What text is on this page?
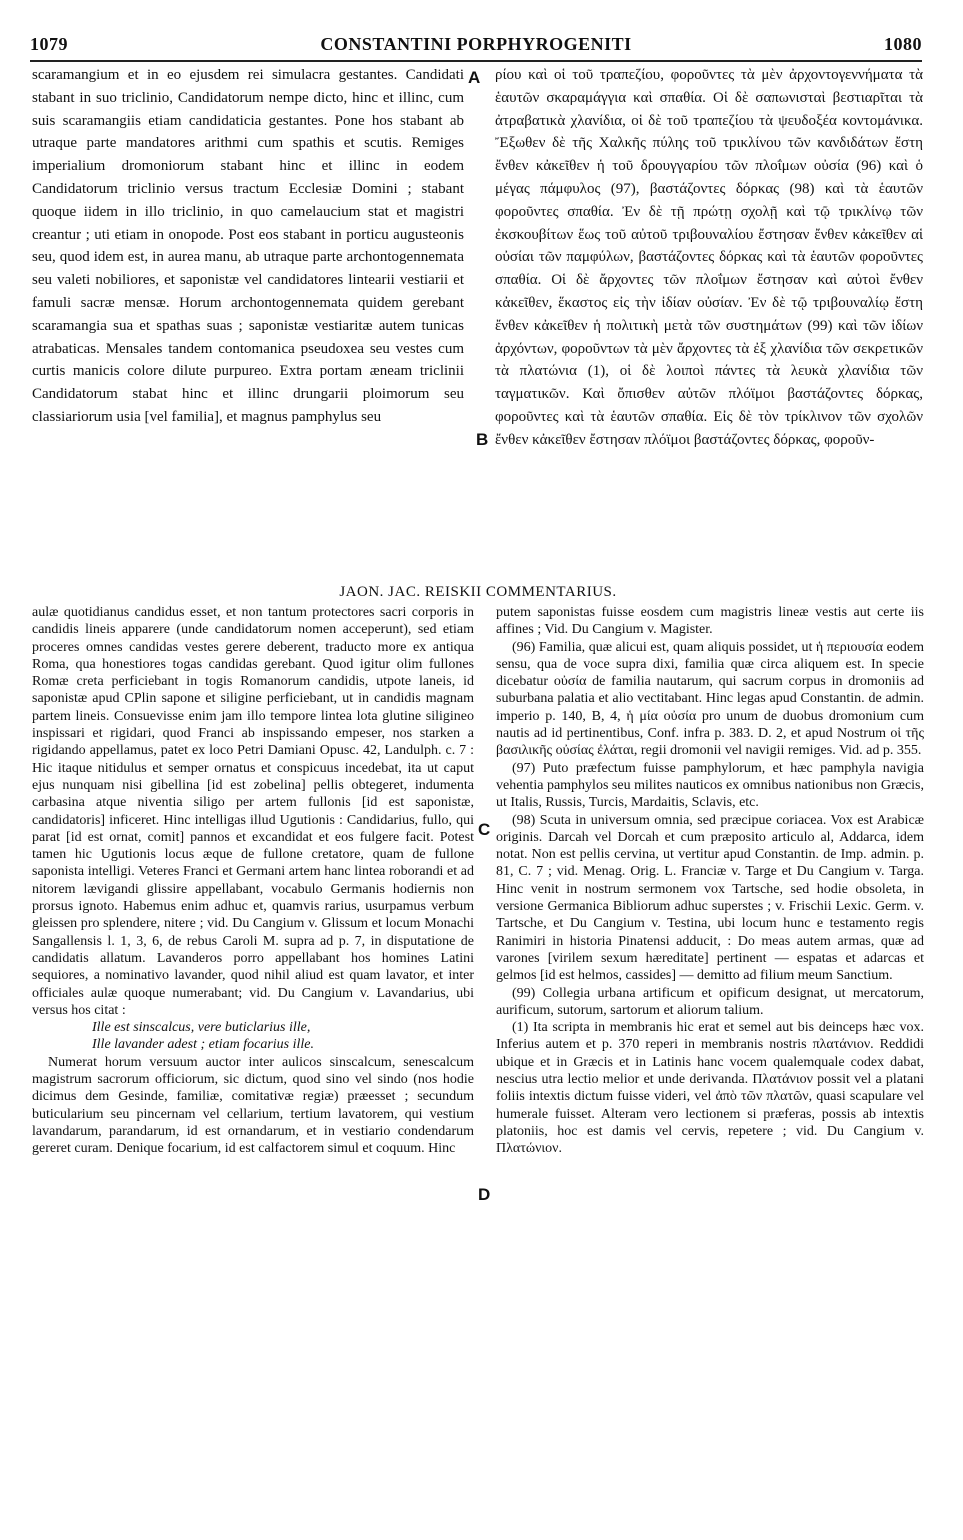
1079	CONSTANTINI PORPHYROGENITI	1080

scaramangium et in eo ejusdem rei simulacra gestantes. Candidati stabant in suo triclinio, Candidatorum nempe dicto, hinc et illinc, cum suis scaramangiis etiam candidaticia gestantes. Pone hos stabant ab utraque parte mandatores arithmi cum spathis et scutis. Remiges imperialium dromoniorum stabant hinc et illinc in eodem Candidatorum triclinio versus tractum Ecclesiæ Domini ; stabant quoque iidem in illo triclinio, in quo camelaucium stat et magistri creantur ; uti etiam in onopode. Post eos stabant in porticu augusteonis seu, quod idem est, in aurea manu, ab utraque parte archontogennemata seu valeti nobiliores, et saponistæ vel candidatores lintearii vestiarii et famuli sacræ mensæ. Horum archontogennemata quidem gerebant scaramangia sua et spathas suas ; saponistæ vestiaritæ autem tunicas atrabaticas. Mensales tandem contomanica pseudoxea seu vestes cum curtis manicis colore dilute purpureo. Extra portam æneam triclinii Candidatorum stabat hinc et illinc drungarii ploimorum seu classiariorum usia [vel familia], et magnus pamphylus seu

ρίου καὶ οἱ τοῦ τραπεζίου, φοροῦντες τὰ μὲν ἀρχοντογεννήματα τὰ ἑαυτῶν σκαραμάγγια καὶ σπαθία. Οἱ δὲ σαπωνισταὶ βεστιαρῖται τὰ ἀτραβατικὰ χλανίδια, οἱ δὲ τοῦ τραπεζίου τὰ ψευδοξέα κοντομάνικα. Ἔξωθεν δὲ τῆς Χαλκῆς πύλης τοῦ τρικλίνου τῶν κανδιδάτων ἔστη ἔνθεν κἀκεῖθεν ἡ τοῦ δρουγγαρίου τῶν πλοΐμων οὐσία (96) καὶ ὁ μέγας πάμφυλος (97), βαστάζοντες δόρκας (98) καὶ τὰ ἑαυτῶν φοροῦντες σπαθία. Ἐν δὲ τῇ πρώτῃ σχολῇ καὶ τῷ τρικλίνῳ τῶν ἐκσκουβίτων ἕως τοῦ αὐτοῦ τριβουναλίου ἔστησαν ἔνθεν κἀκεῖθεν αἱ οὐσίαι τῶν παμφύλων, βαστάζοντες δόρκας καὶ τὰ ἑαυτῶν φοροῦντες σπαθία. Οἱ δὲ ἄρχοντες τῶν πλοΐμων ἔστησαν καὶ αὐτοὶ ἔνθεν κἀκεῖθεν, ἕκαστος εἰς τὴν ἰδίαν οὐσίαν. Ἐν δὲ τῷ τριβουναλίῳ ἔστη ἔνθεν κἀκεῖθεν ἡ πολιτικὴ μετὰ τῶν συστημάτων (99) καὶ τῶν ἰδίων ἀρχόντων, φοροῦντων τὰ μὲν ἄρχοντες τὰ ἐξ χλανίδια τῶν σεκρετικῶν τὰ πλατώνια (1), οἱ δὲ λοιποὶ πάντες τὰ λευκὰ χλανίδια τῶν ταγματικῶν. Καὶ ὄπισθεν αὐτῶν πλόϊμοι βαστάζοντες δόρκας, φοροῦντες καὶ τὰ ἑαυτῶν σπαθία. Εἰς δὲ τὸν τρίκλινον τῶν σχολῶν ἔνθεν κἀκεῖθεν ἔστησαν πλόϊμοι βαστάζοντες δόρκας, φοροῦν-

JAON. JAC. REISKII COMMENTARIUS.
A
B
C
D

aulæ quotidianus candidus esset, et non tantum protectores sacri corporis in candidis lineis apparere (unde candidatorum nomen acceperunt), sed etiam proceres omnes candidas vestes gerere deberent, traducto more ex antiqua Roma, qua honestiores togas candidas gerebant. Quod igitur olim fullones Romæ creta perficiebant in togis Romanorum candidis, utpote laneis, id saponistæ apud CPlin sapone et siligine perficiebant, ut in candidis magnam partem lineis. Consuevisse enim jam illo tempore lintea lota glutine siligineo inspissari et rigidari, quod Franci ab inspissando empeser, nos starken a rigidando appellamus, patet ex loco Petri Damiani Opusc. 42, Landulph. c. 7 : Hic itaque nitidulus et semper ornatus et conspicuus incedebat, ita ut caput ejus nunquam nisi gibellina [id est zobelina] pellis obtegeret, indumenta carbasina atque niventia siligo per artem fullonis [id est saponistæ, candidatoris] inficeret. Hinc intelligas illud Ugutionis : Candidarius, fullo, qui parat [id est ornat, comit] pannos et excandidat et eos fulgere facit. Potest tamen hic Ugutionis locus æque de fullone cretatore, quam de fullone saponista intelligi. Veteres Franci et Germani artem hanc lintea roborandi et ad nitorem lævigandi glissire appellabant, vocabulo Germanis hodiernis non prorsus ignoto. Habemus enim adhuc et, quamvis rarius, usurpamus verbum gleissen pro splendere, nitere ; vid. Du Cangium v. Glissum et locum Monachi Sangallensis l. 1, 3, 6, de rebus Caroli M. supra ad p. 7, in disputatione de candidatis allatum. Lavanderos porro appellabant hos homines Latini sequiores, a nominativo lavander, quod nihil aliud est quam lavator, et inter officiales aulæ quoque numerabant; vid. Du Cangium v. Lavandarius, ubi versus hos citat :

Ille est sinscalcus, vere buticlarius ille,

Ille lavander adest ; etiam focarius ille.

Numerat horum versuum auctor inter aulicos sinscalcum, senescalcum magistrum sacrorum officiorum, sic dictum, quod sino vel sindo (nos hodie dicimus dem Gesinde, familiæ, comitativæ regiæ) præesset ; secundum buticularium seu pincernam vel cellarium, tertium lavatorem, qui vestium lavandarum, parandarum, id est ornandarum, et in vestiario condendarum gereret curam. Denique focarium, id est calfactorem simul et coquum. Hinc

putem saponistas fuisse eosdem cum magistris lineæ vestis aut certe iis affines ; Vid. Du Cangium v. Magister.

(96) Familia, quæ alicui est, quam aliquis possidet, ut ἡ περιουσία eodem sensu, qua de voce supra dixi, familia quæ circa aliquem est. In specie dicebatur οὐσία de familia nautarum, qui sacrum corpus in dromoniis ad suburbana palatia et alio vectitabant. Hinc legas apud Constantin. de admin. imperio p. 140, B, 4, ἡ μία οὐσία pro unum de duobus dromonium cum nautis ad id pertinentibus, Conf. infra p. 383. D. 2, et apud Nostrum οἱ τῆς βασιλικῆς οὐσίας ἐλάται, regii dromonii vel navigii remiges. Vid. ad p. 355.

(97) Puto præfectum fuisse pamphylorum, et hæc pamphyla navigia vehentia pamphylos seu milites nauticos ex omnibus nationibus non Græcis, ut Italis, Russis, Turcis, Mardaitis, Sclavis, etc.

(98) Scuta in universum omnia, sed præcipue coriacea. Vox est Arabicæ originis. Darcah vel Dorcah et cum præposito articulo al, Addarca, idem notat. Non est pellis cervina, ut vertitur apud Constantin. de Imp. admin. p. 81, C. 7 ; vid. Menag. Orig. L. Franciæ v. Targe et Du Cangium v. Targa. Hinc venit in nostrum sermonem vox Tartsche, sed hodie obsoleta, in versione Germanica Bibliorum adhuc superstes ; v. Frischii Lexic. Germ. v. Tartsche, et Du Cangium v. Testina, ubi locum hunc e testamento regis Ranimiri in historia Pinatensi adducit, : Do meas autem armas, quæ ad varones [virilem sexum hæreditate] pertinent — espatas et adarcas et gelmos [id est helmos, cassides] — demitto ad filium meum Sanctium.

(99) Collegia urbana artificum et opificum designat, ut mercatorum, aurificum, sutorum, sartorum et aliorum talium.

(1) Ita scripta in membranis hic erat et semel aut bis deinceps hæc vox. Inferius autem et p. 370 reperi in membranis nostris πλατάνιον. Reddidi ubique et in Græcis et in Latinis hanc vocem qualemquale codex dabat, nescius utra lectio melior et unde derivanda. Πλατάνιον possit vel a platani foliis intextis dictum fuisse videri, vel ἀπὸ τῶν πλατῶν, quasi scapulare vel humerale fuisset. Alteram vero lectionem si præferas, possis ab intextis platoniis, hoc est damis vel cervis, repetere ; vid. Du Cangium v. Πλατώνιον.
